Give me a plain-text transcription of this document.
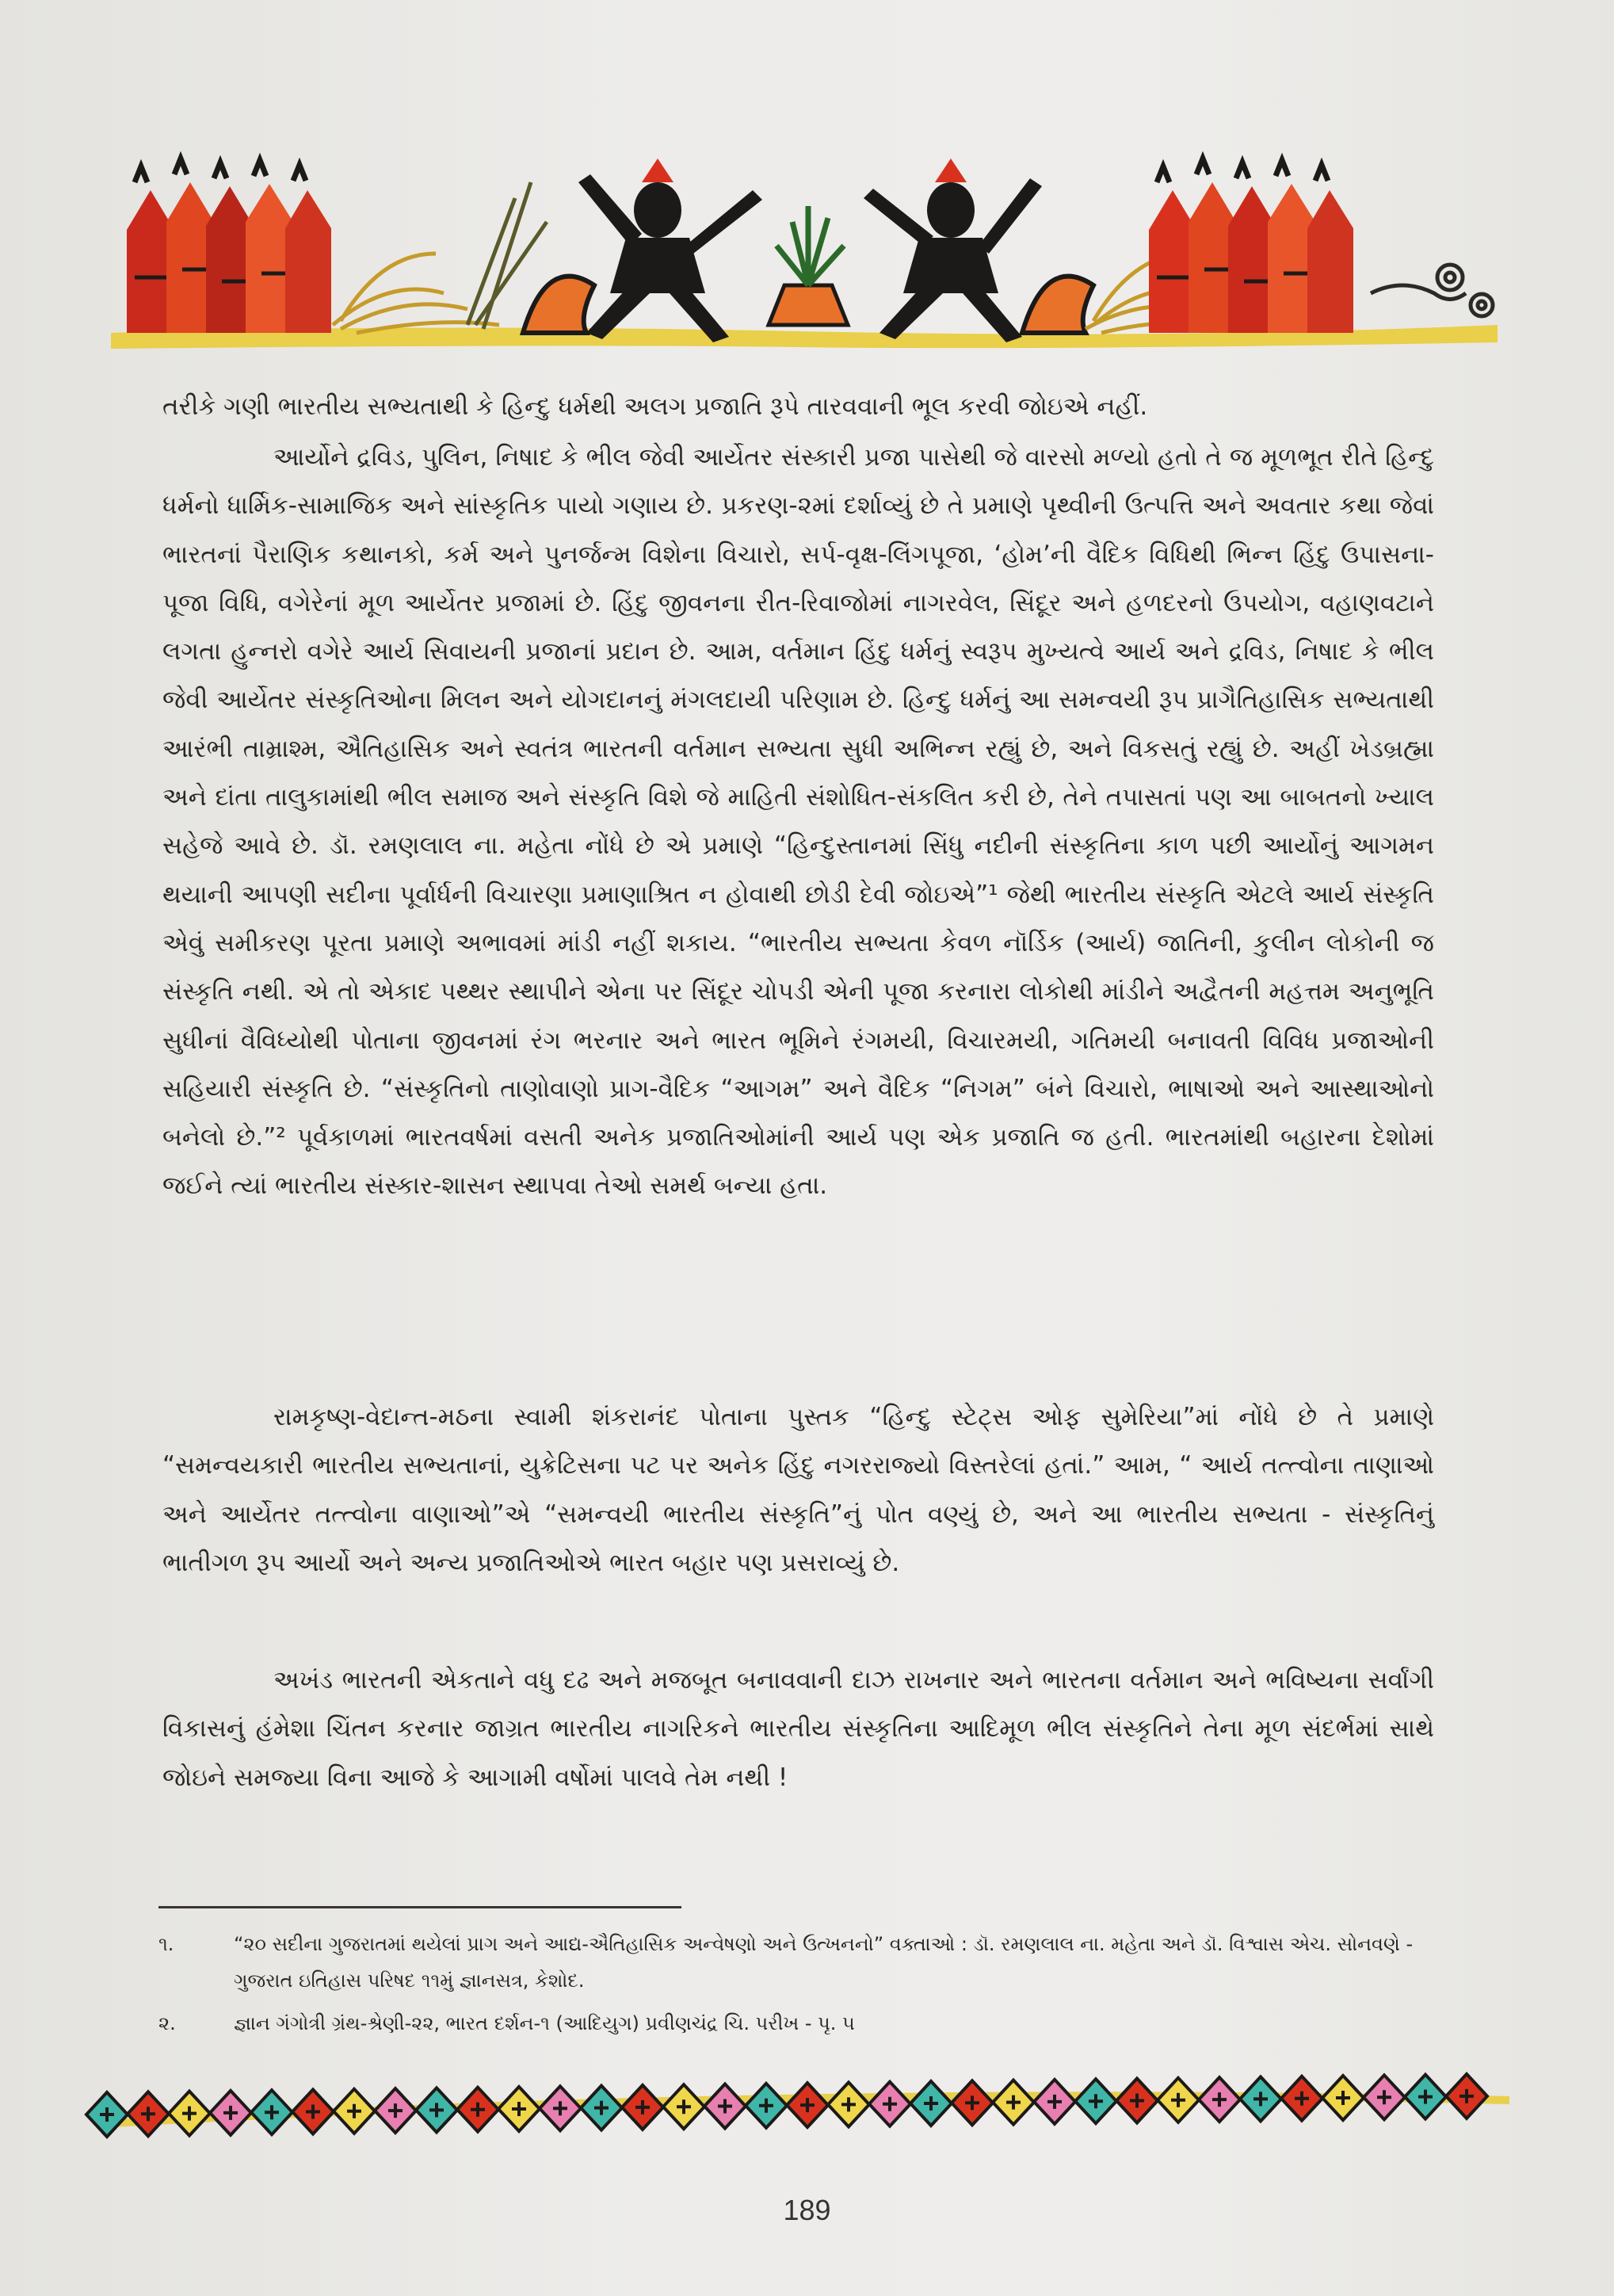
તરીકે ગણી ભારતીય સભ્યતાથી કે હિન્દુ ધર્મથી અલગ પ્રજાતિ રૂપે તારવવાની ભૂલ કરવી જોઇએ નહીં.

આર્યોને દ્રવિડ, પુલિન, નિષાદ કે ભીલ જેવી આર્યેતર સંસ્કારી પ્રજા પાસેથી જે વારસો મળ્યો હતો તે જ મૂળભૂત રીતે હિન્દુ ધર્મનો ધાર્મિક-સામાજિક અને સાંસ્કૃતિક પાયો ગણાય છે. પ્રકરણ-૨માં દર્શાવ્યું છે તે પ્રમાણે પૃથ્વીની ઉત્પત્તિ અને અવતાર કથા જેવાં ભારતનાં પૈરાણિક કથાનકો, કર્મ અને પુનર્જન્મ વિશેના વિચારો, સર્પ-વૃક્ષ-લિંગપૂજા, ‘હોમ’ની વૈદિક વિધિથી ભિન્ન હિંદુ ઉપાસના-પૂજા વિધિ, વગેરેનાં મૂળ આર્યેતર પ્રજામાં છે. હિંદુ જીવનના રીત-રિવાજોમાં નાગરવેલ, સિંદૂર અને હળદરનો ઉપયોગ, વહાણવટાને લગતા હુન્નરો વગેરે આર્ય સિવાયની પ્રજાનાં પ્રદાન છે. આમ, વર્તમાન હિંદુ ધર્મનું સ્વરૂપ મુખ્યત્વે આર્ય અને દ્રવિડ, નિષાદ કે ભીલ જેવી આર્યેતર સંસ્કૃતિઓના મિલન અને યોગદાનનું મંગલદાયી પરિણામ છે. હિન્દુ ધર્મનું આ સમન્વયી રૂપ પ્રાગૈતિહાસિક સભ્યતાથી આરંભી તામ્રાશ્મ, ઐતિહાસિક અને સ્વતંત્ર ભારતની વર્તમાન સભ્યતા સુધી અભિન્ન રહ્યું છે, અને વિકસતું રહ્યું છે. અહીં ખેડબ્રહ્મા અને દાંતા તાલુકામાંથી ભીલ સમાજ અને સંસ્કૃતિ વિશે જે માહિતી સંશોધિત-સંકલિત કરી છે, તેને તપાસતાં પણ આ બાબતનો ખ્યાલ સહેજે આવે છે. ડૉ. રમણલાલ ના. મહેતા નોંધે છે એ પ્રમાણે “હિન્દુસ્તાનમાં સિંધુ નદીની સંસ્કૃતિના કાળ પછી આર્યોનું આગમન થયાની આપણી સદીના પૂર્વાર્ધની વિચારણા પ્રમાણાશ્રિત ન હોવાથી છોડી દેવી જોઇએ”¹ જેથી ભારતીય સંસ્કૃતિ એટલે આર્ય સંસ્કૃતિ એવું સમીકરણ પૂરતા પ્રમાણે અભાવમાં માંડી નહીં શકાય. “ભારતીય સભ્યતા કેવળ નૉર્ડિક (આર્ય) જાતિની, કુલીન લોકોની જ સંસ્કૃતિ નથી. એ તો એકાદ પથ્થર સ્થાપીને એના પર સિંદૂર ચોપડી એની પૂજા કરનારા લોકોથી માંડીને અદ્વૈતની મહત્તમ અનુભૂતિ સુધીનાં વૈવિધ્યોથી પોતાના જીવનમાં રંગ ભરનાર અને ભારત ભૂમિને રંગમયી, વિચારમયી, ગતિમયી બનાવતી વિવિધ પ્રજાઓની સહિયારી સંસ્કૃતિ છે. “સંસ્કૃતિનો તાણોવાણો પ્રાગ-વૈદિક “આગમ” અને વૈદિક “નિગમ” બંને વિચારો, ભાષાઓ અને આસ્થાઓનો બનેલો છે.”² પૂર્વકાળમાં ભારતવર્ષમાં વસતી અનેક પ્રજાતિઓમાંની આર્ય પણ એક પ્રજાતિ જ હતી. ભારતમાંથી બહારના દેશોમાં જઈને ત્યાં ભારતીય સંસ્કાર-શાસન સ્થાપવા તેઓ સમર્થ બન્યા હતા.

રામકૃષ્ણ-વેદાન્ત-મઠના સ્વામી શંકરાનંદ પોતાના પુસ્તક “હિન્દુ સ્ટેટ્સ ઓફ સુમેરિયા”માં નોંધે છે તે પ્રમાણે “સમન્વયકારી ભારતીય સભ્યતાનાં, યુક્રેટિસના પટ પર અનેક હિંદુ નગરરાજ્યો વિસ્તરેલાં હતાં.” આમ, “ આર્ય તત્ત્વોના તાણાઓ અને આર્યેતર તત્ત્વોના વાણાઓ”એ “સમન્વયી ભારતીય સંસ્કૃતિ”નું પોત વણ્યું છે, અને આ ભારતીય સભ્યતા - સંસ્કૃતિનું ભાતીગળ રૂપ આર્યો અને અન્ય પ્રજાતિઓએ ભારત બહાર પણ પ્રસરાવ્યું છે.

અખંડ ભારતની એકતાને વધુ દઢ અને મજબૂત બનાવવાની દાઝ રાખનાર અને ભારતના વર્તમાન અને ભવિષ્યના સર્વાંગી વિકાસનું હંમેશા ચિંતન કરનાર જાગ્રત ભારતીય નાગરિકને ભારતીય સંસ્કૃતિના આદિમૂળ ભીલ સંસ્કૃતિને તેના મૂળ સંદર્ભમાં સાથે જોઇને સમજ્યા વિના આજે કે આગામી વર્ષોમાં પાલવે તેમ નથી !

૧.	“૨૦ સદીના ગુજરાતમાં થયેલાં પ્રાગ અને આદ્ય-ઐતિહાસિક અન્વેષણો અને ઉત્ખનનો” વક્તાઓ : ડૉ. રમણલાલ ના. મહેતા અને ડૉ. વિશ્વાસ એચ. સોનવણે - ગુજરાત ઇતિહાસ પરિષદ ૧૧મું જ્ઞાનસત્ર, કેશોદ.
૨.	જ્ઞાન ગંગોત્રી ગ્રંથ-શ્રેણી-૨૨, ભારત દર્શન-૧ (આદિયુગ) પ્રવીણચંદ્ર ચિ. પરીખ - પૃ. ૫
189
